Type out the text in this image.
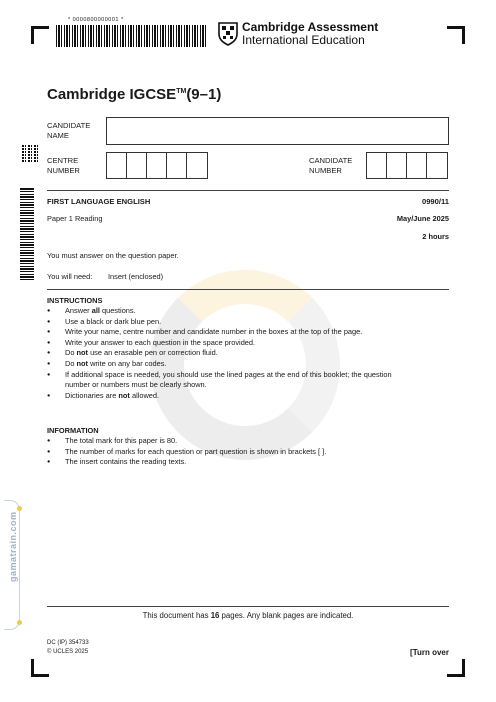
* 0000800000001 *	Cambridge Assessment
International Education
Cambridge IGCSE™(9–1)
CANDIDATE
NAME
CENTRE
NUMBER
CANDIDATE
NUMBER
FIRST LANGUAGE ENGLISH	0990/11
Paper 1 Reading	May/June 2025
2 hours
You must answer on the question paper.
You will need: Insert (enclosed)
INSTRUCTIONS
● Answer all questions.
● Use a black or dark blue pen.
● Write your name, centre number and candidate number in the boxes at the top of the page.
● Write your answer to each question in the space provided.
● Do not use an erasable pen or correction fluid.
● Do not write on any bar codes.
● If additional space is needed, you should use the lined pages at the end of this booklet; the question
number or numbers must be clearly shown.
● Dictionaries are not allowed.
INFORMATION
● The total mark for this paper is 80.
● The number of marks for each question or part question is shown in brackets [ ].
● The insert contains the reading texts.
gamatrain.com
This document has 16 pages. Any blank pages are indicated.
DC (IP) 354733
© UCLES 2025	[Turn over
